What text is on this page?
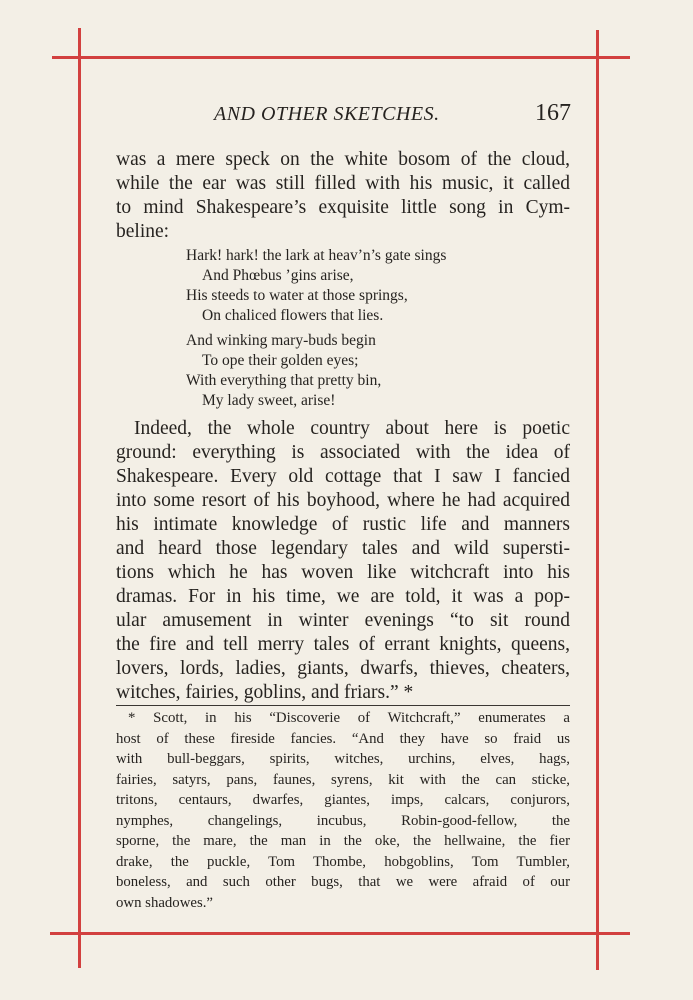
AND OTHER SKETCHES.	167
was a mere speck on the white bosom of the cloud,
while the ear was still filled with his music, it called
to mind Shakespeare’s exquisite little song in Cym-
beline:
Hark! hark! the lark at heav’n’s gate sings
And Phœbus ’gins arise,
His steeds to water at those springs,
On chaliced flowers that lies.
And winking mary-buds begin
To ope their golden eyes;
With everything that pretty bin,
My lady sweet, arise!
Indeed, the whole country about here is poetic
ground: everything is associated with the idea of
Shakespeare. Every old cottage that I saw I fancied
into some resort of his boyhood, where he had acquired
his intimate knowledge of rustic life and manners
and heard those legendary tales and wild supersti-
tions which he has woven like witchcraft into his
dramas. For in his time, we are told, it was a pop-
ular amusement in winter evenings “to sit round
the fire and tell merry tales of errant knights, queens,
lovers, lords, ladies, giants, dwarfs, thieves, cheaters,
witches, fairies, goblins, and friars.” *
* Scott, in his “Discoverie of Witchcraft,” enumerates a
host of these fireside fancies. “And they have so fraid us
with bull-beggars, spirits, witches, urchins, elves, hags,
fairies, satyrs, pans, faunes, syrens, kit with the can sticke,
tritons, centaurs, dwarfes, giantes, imps, calcars, conjurors,
nymphes, changelings, incubus, Robin-good-fellow, the
sporne, the mare, the man in the oke, the hellwaine, the fier
drake, the puckle, Tom Thombe, hobgoblins, Tom Tumbler,
boneless, and such other bugs, that we were afraid of our
own shadowes.”
